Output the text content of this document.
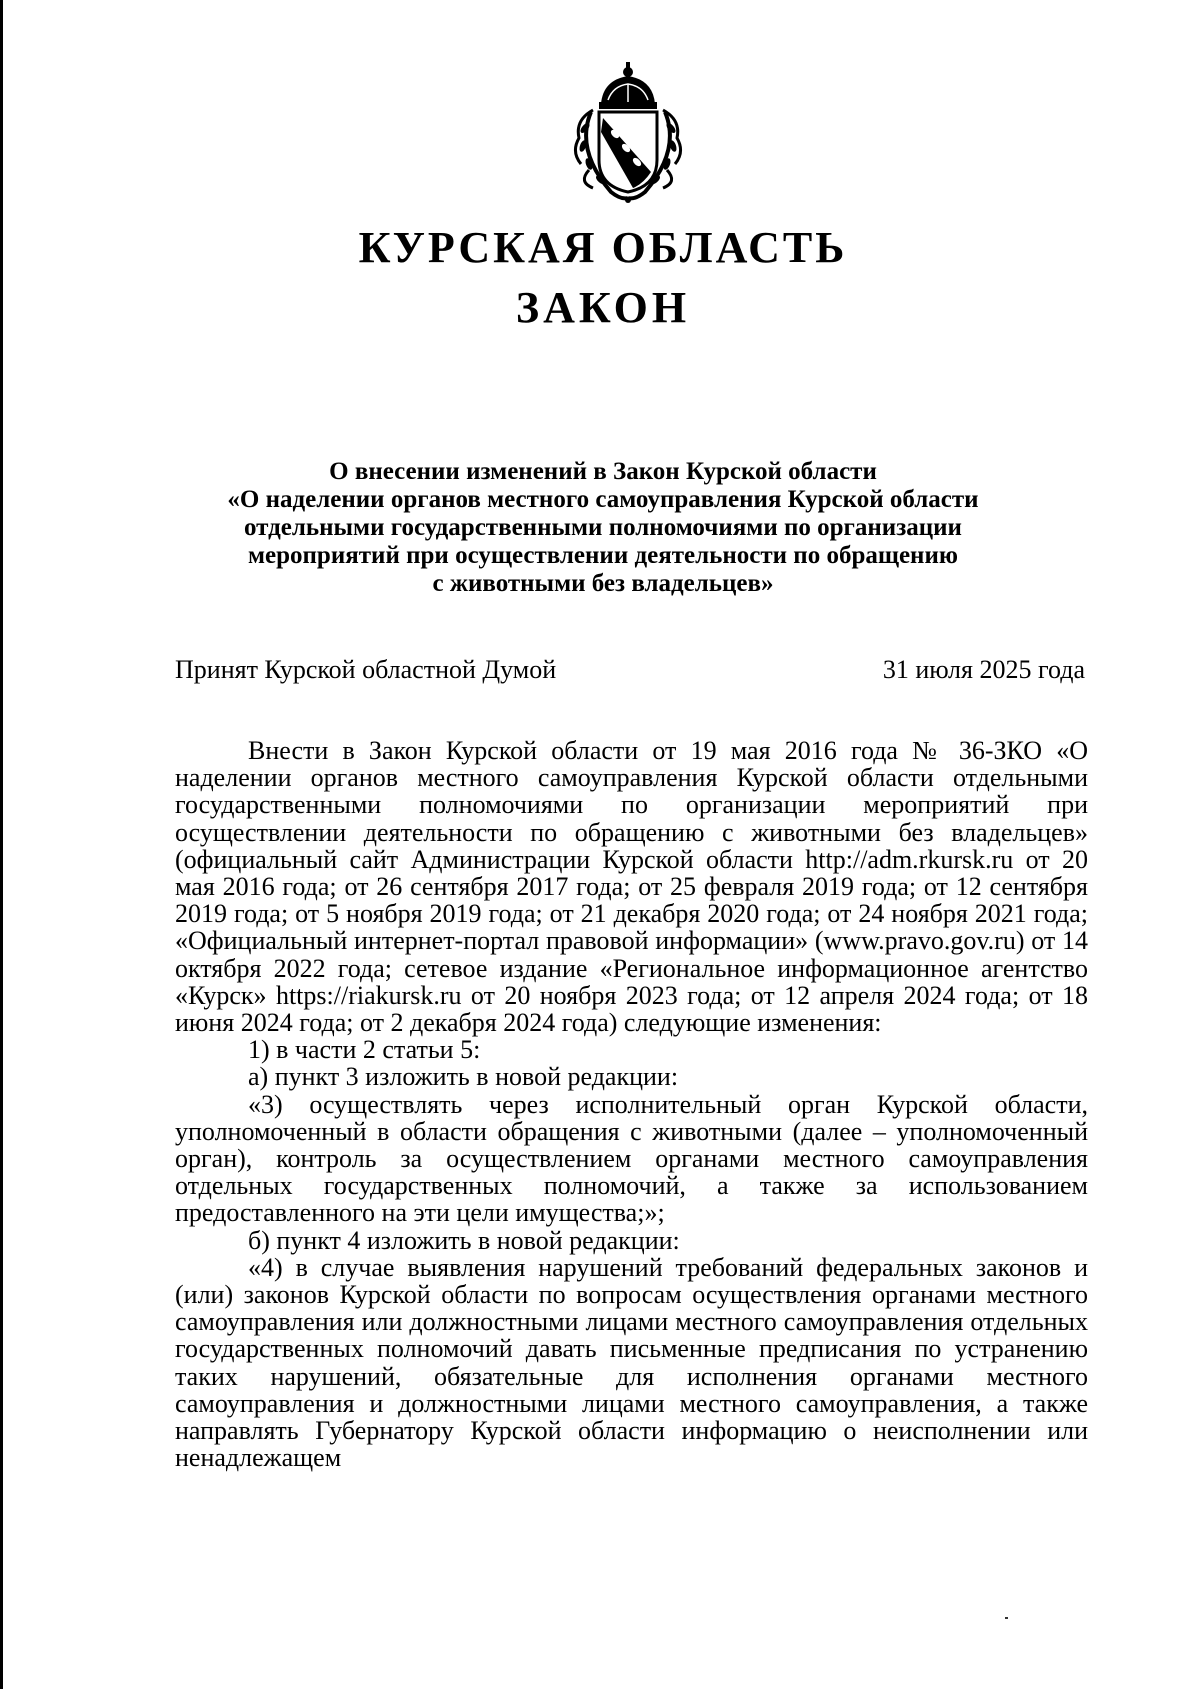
КУРСКАЯ ОБЛАСТЬ
ЗАКОН
О внесении изменений в Закон Курской области
«О наделении органов местного самоуправления Курской области
отдельными государственными полномочиями по организации
мероприятий при осуществлении деятельности по обращению
с животными без владельцев»
Принят Курской областной Думой	31 июля 2025 года

Внести в Закон Курской области от 19 мая 2016 года № 36-ЗКО «О наделении органов местного самоуправления Курской области отдельными государственными полномочиями по организации мероприятий при осуществлении деятельности по обращению с животными без владельцев» (официальный сайт Администрации Курской области http://adm.rkursk.ru от 20 мая 2016 года; от 26 сентября 2017 года; от 25 февраля 2019 года; от 12 сентября 2019 года; от 5 ноября 2019 года; от 21 декабря 2020 года; от 24 ноября 2021 года; «Официальный интернет-портал правовой информации» (www.pravo.gov.ru) от 14 октября 2022 года; сетевое издание «Региональное информационное агентство «Курск» https://riakursk.ru от 20 ноября 2023 года; от 12 апреля 2024 года; от 18 июня 2024 года; от 2 декабря 2024 года) следующие изменения:

1) в части 2 статьи 5:

а) пункт 3 изложить в новой редакции:

«3) осуществлять через исполнительный орган Курской области, уполномоченный в области обращения с животными (далее – уполномоченный орган), контроль за осуществлением органами местного самоуправления отдельных государственных полномочий, а также за использованием предоставленного на эти цели имущества;»;

б) пункт 4 изложить в новой редакции:

«4) в случае выявления нарушений требований федеральных законов и (или) законов Курской области по вопросам осуществления органами местного самоуправления или должностными лицами местного самоуправления отдельных государственных полномочий давать письменные предписания по устранению таких нарушений, обязательные для исполнения органами местного самоуправления и должностными лицами местного самоуправления, а также направлять Губернатору Курской области информацию о неисполнении или ненадлежащем
